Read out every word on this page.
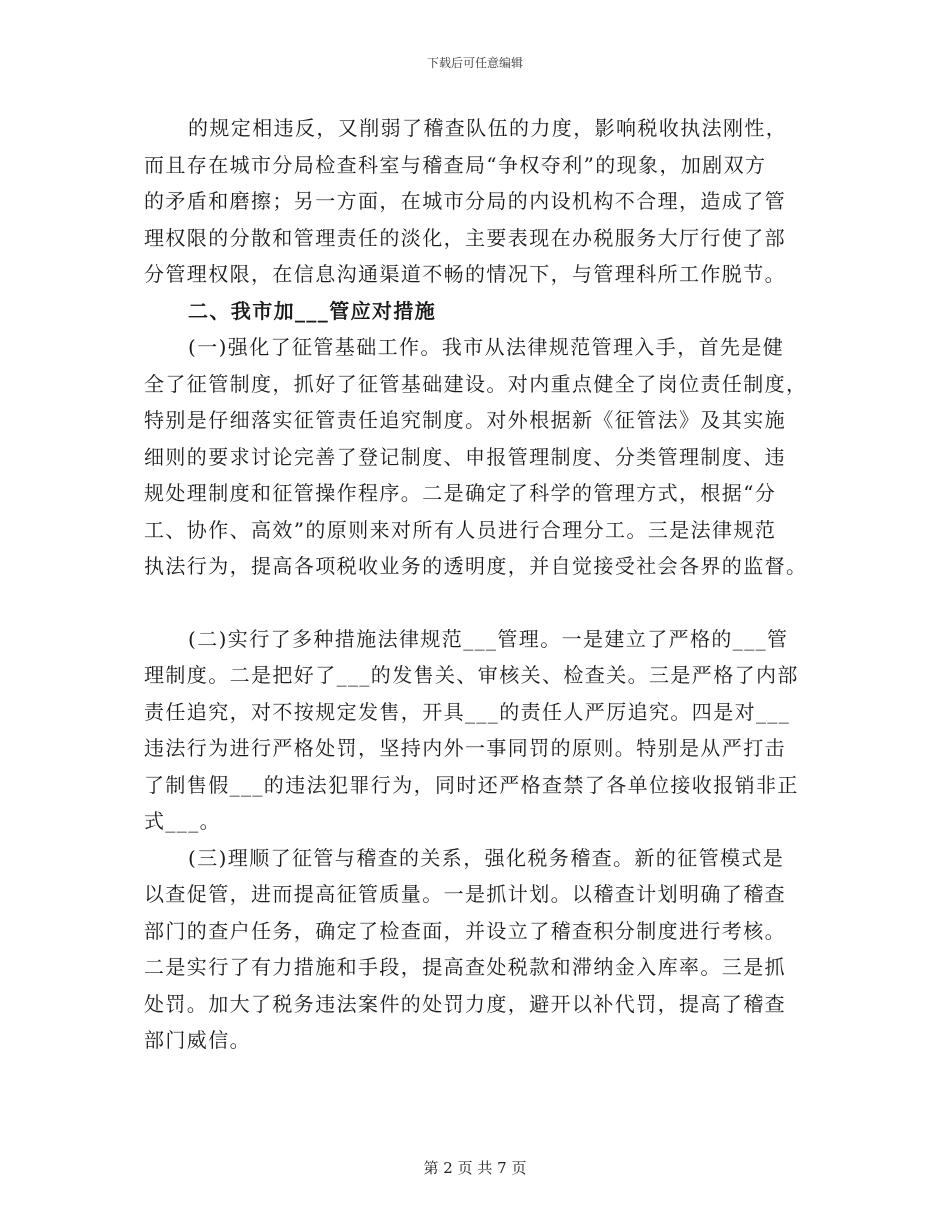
下载后可任意编辑
的规定相违反，又削弱了稽查队伍的力度，影响税收执法刚性，
而且存在城市分局检查科室与稽查局“争权夺利”的现象，加剧双方
的矛盾和磨擦；另一方面，在城市分局的内设机构不合理，造成了管
理权限的分散和管理责任的淡化，主要表现在办税服务大厅行使了部
分管理权限，在信息沟通渠道不畅的情况下，与管理科所工作脱节。
二、我市加___管应对措施
(一)强化了征管基础工作。我市从法律规范管理入手，首先是健
全了征管制度，抓好了征管基础建设。对内重点健全了岗位责任制度，
特别是仔细落实征管责任追究制度。对外根据新《征管法》及其实施
细则的要求讨论完善了登记制度、申报管理制度、分类管理制度、违
规处理制度和征管操作程序。二是确定了科学的管理方式，根据“分
工、协作、高效”的原则来对所有人员进行合理分工。三是法律规范
执法行为，提高各项税收业务的透明度，并自觉接受社会各界的监督。
(二)实行了多种措施法律规范___管理。一是建立了严格的___管
理制度。二是把好了___的发售关、审核关、检查关。三是严格了内部
责任追究，对不按规定发售，开具___的责任人严厉追究。四是对___
违法行为进行严格处罚，坚持内外一事同罚的原则。特别是从严打击
了制售假___的违法犯罪行为，同时还严格查禁了各单位接收报销非正
式___。
(三)理顺了征管与稽查的关系，强化税务稽查。新的征管模式是
以查促管，进而提高征管质量。一是抓计划。以稽查计划明确了稽查
部门的查户任务，确定了检查面，并设立了稽查积分制度进行考核。
二是实行了有力措施和手段，提高查处税款和滞纳金入库率。三是抓
处罚。加大了税务违法案件的处罚力度，避开以补代罚，提高了稽查
部门威信。
第 2 页 共 7 页
